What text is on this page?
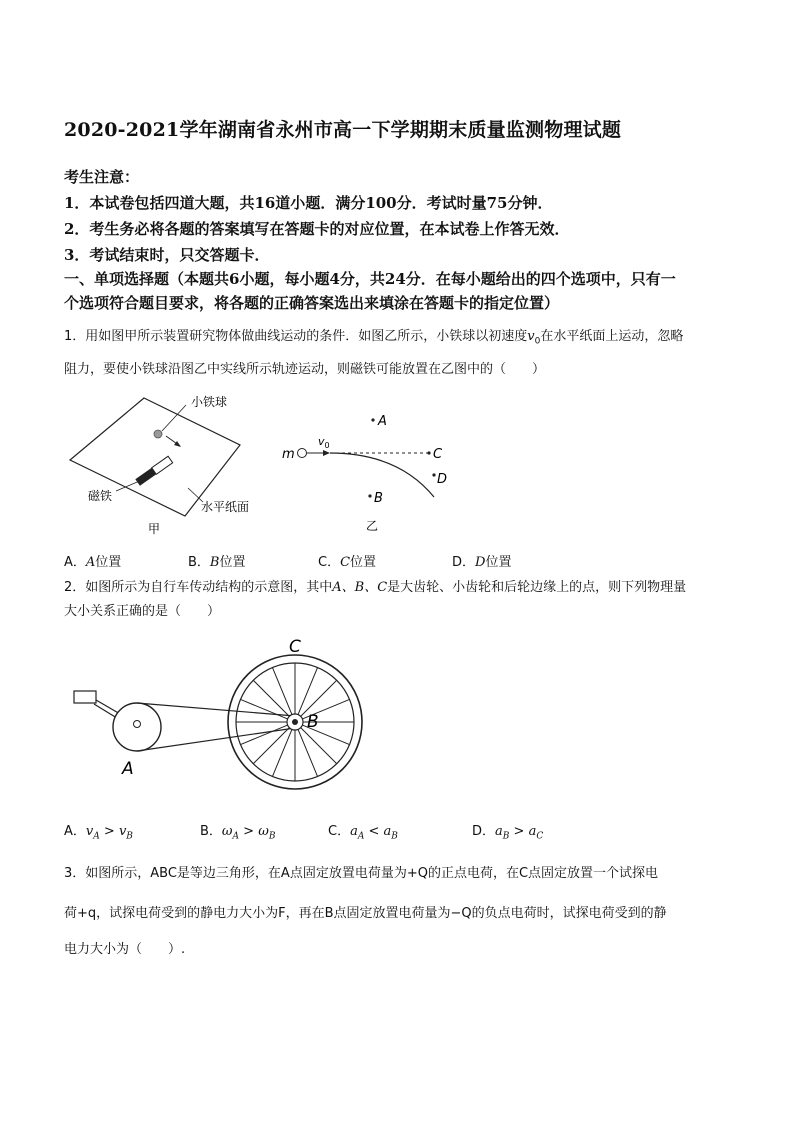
2020-2021学年湖南省永州市高一下学期期末质量监测物理试题
考生注意：
1．本试卷包括四道大题，共16道小题．满分100分．考试时量75分钟．
2．考生务必将各题的答案填写在答题卡的对应位置，在本试卷上作答无效．
3．考试结束时，只交答题卡．
一、单项选择题（本题共6小题，每小题4分，共24分．在每小题给出的四个选项中，只有一
个选项符合题目要求，将各题的正确答案选出来填涂在答题卡的指定位置）
1．用如图甲所示装置研究物体做曲线运动的条件．如图乙所示，小铁球以初速度$v_0$在水平纸面上运动，忽略
阻力，要使小铁球沿图乙中实线所示轨迹运动，则磁铁可能放置在乙图中的（　　）
小铁球
磁铁
水平纸面
甲
m
$v_0$
A
C
D
B
乙
A．A位置	B．B位置	C．C位置	D．D位置
2．如图所示为自行车传动结构的示意图，其中A、B、C是大齿轮、小齿轮和后轮边缘上的点，则下列物理量
大小关系正确的是（　　）
C
B
A
A．$v_A > v_B$	B．$\omega_A > \omega_B$	C．$a_A < a_B$	D．$a_B > a_C$
3．如图所示，ABC是等边三角形，在A点固定放置电荷量为+Q的正点电荷，在C点固定放置一个试探电
荷+q，试探电荷受到的静电力大小为F，再在B点固定放置电荷量为−Q的负点电荷时，试探电荷受到的静
电力大小为（　　）.
